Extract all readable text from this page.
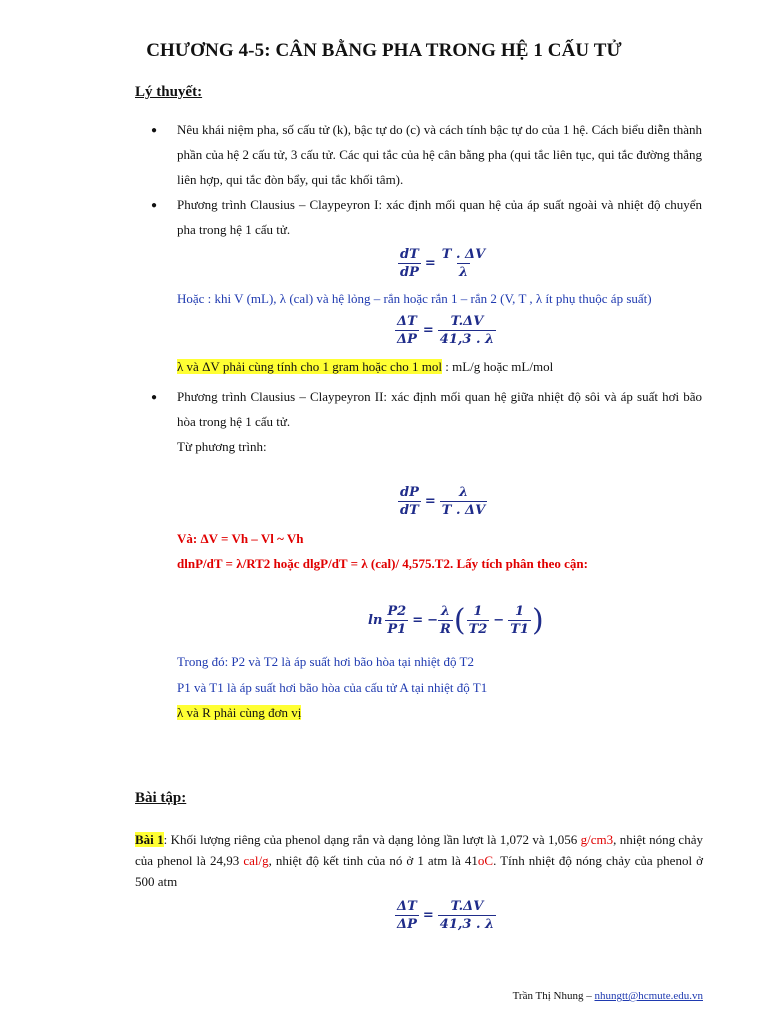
CHƯƠNG 4-5: CÂN BẰNG PHA TRONG HỆ 1 CẤU TỬ
Lý thuyết:
● Nêu khái niệm pha, số cấu tử (k), bậc tự do (c) và cách tính bậc tự do của 1 hệ. Cách biểu diễn thành phần của hệ 2 cấu tử, 3 cấu tử. Các qui tắc của hệ cân bằng pha (qui tắc liên tục, qui tắc đường thẳng liên hợp, qui tắc đòn bẩy, qui tắc khối tâm).
● Phương trình Clausius – Claypeyron I: xác định mối quan hệ của áp suất ngoài và nhiệt độ chuyển pha trong hệ 1 cấu tử.
$\frac{dT}{dP} = \frac{T . \Delta V}{\lambda}$
Hoặc : khi V (mL), λ (cal) và hệ lỏng – rắn hoặc rắn 1 – rắn 2 (V, T , λ ít phụ thuộc áp suất)
$\frac{\Delta T}{\Delta P} = \frac{T.\Delta V}{41,3 . \lambda}$
λ và ΔV phải cùng tính cho 1 gram hoặc cho 1 mol : mL/g hoặc mL/mol
● Phương trình Clausius – Claypeyron II: xác định mối quan hệ giữa nhiệt độ sôi và áp suất hơi bão hòa trong hệ 1 cấu tử.
Từ phương trình:
$\frac{dP}{dT} = \frac{\lambda}{T . \Delta V}$
Và: ΔV = Vh – Vl ~ Vh
dlnP/dT = λ/RT2 hoặc dlgP/dT = λ (cal)/ 4,575.T2. Lấy tích phân theo cận:
$\ln \frac{P2}{P1}$ = − $\frac{\lambda}{R}$ ( $\frac{1}{T2} - \frac{1}{T1}$ )
Trong đó: P2 và T2 là áp suất hơi bão hòa tại nhiệt độ T2
P1 và T1 là áp suất hơi bão hòa của cấu tử A tại nhiệt độ T1
λ và R phải cùng đơn vị
Bài tập:
Bài 1: Khối lượng riêng của phenol dạng rắn và dạng lỏng lần lượt là 1,072 và 1,056 g/cm3, nhiệt nóng chảy của phenol là 24,93 cal/g, nhiệt độ kết tinh của nó ở 1 atm là 41oC. Tính nhiệt độ nóng chảy của phenol ở 500 atm
$\frac{\Delta T}{\Delta P} = \frac{T.\Delta V}{41,3 . \lambda}$
Trần Thị Nhung – nhungtt@hcmute.edu.vn
